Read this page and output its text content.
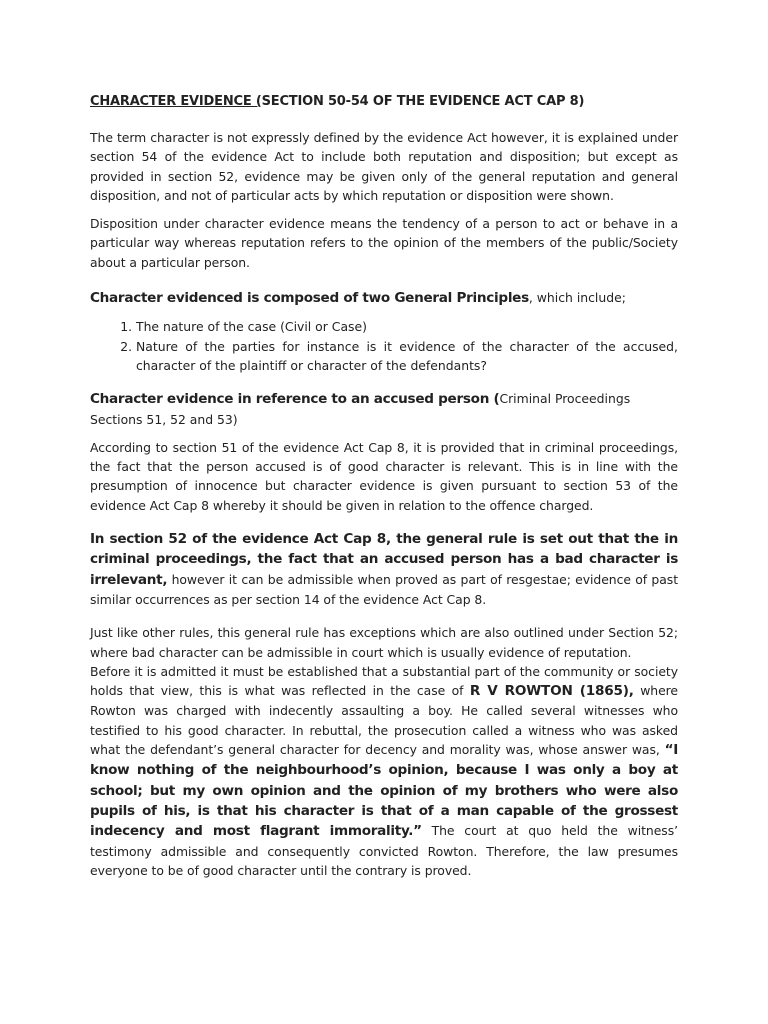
CHARACTER EVIDENCE (SECTION 50-54 OF THE EVIDENCE ACT CAP 8)

The term character is not expressly defined by the evidence Act however, it is explained under section 54 of the evidence Act to include both reputation and disposition; but except as provided in section 52, evidence may be given only of the general reputation and general disposition, and not of particular acts by which reputation or disposition were shown.

Disposition under character evidence means the tendency of a person to act or behave in a particular way whereas reputation refers to the opinion of the members of the public/Society about a particular person.

Character evidenced is composed of two General Principles, which include;
1. The nature of the case (Civil or Case)
2. Nature of the parties for instance is it evidence of the character of the accused, character of the plaintiff or character of the defendants?
Character evidence in reference to an accused person (Criminal Proceedings Sections 51, 52 and 53)

According to section 51 of the evidence Act Cap 8, it is provided that in criminal proceedings, the fact that the person accused is of good character is relevant. This is in line with the presumption of innocence but character evidence is given pursuant to section 53 of the evidence Act Cap 8 whereby it should be given in relation to the offence charged.

In section 52 of the evidence Act Cap 8, the general rule is set out that the in criminal proceedings, the fact that an accused person has a bad character is irrelevant, however it can be admissible when proved as part of resgestae; evidence of past similar occurrences as per section 14 of the evidence Act Cap 8.

Just like other rules, this general rule has exceptions which are also outlined under Section 52; where bad character can be admissible in court which is usually evidence of reputation.

Before it is admitted it must be established that a substantial part of the community or society holds that view, this is what was reflected in the case of R V ROWTON (1865), where Rowton was charged with indecently assaulting a boy. He called several witnesses who testified to his good character. In rebuttal, the prosecution called a witness who was asked what the defendant’s general character for decency and morality was, whose answer was, “I know nothing of the neighbourhood’s opinion, because I was only a boy at school; but my own opinion and the opinion of my brothers who were also pupils of his, is that his character is that of a man capable of the grossest indecency and most flagrant immorality.” The court at quo held the witness’ testimony admissible and consequently convicted Rowton. Therefore, the law presumes everyone to be of good character until the contrary is proved.
